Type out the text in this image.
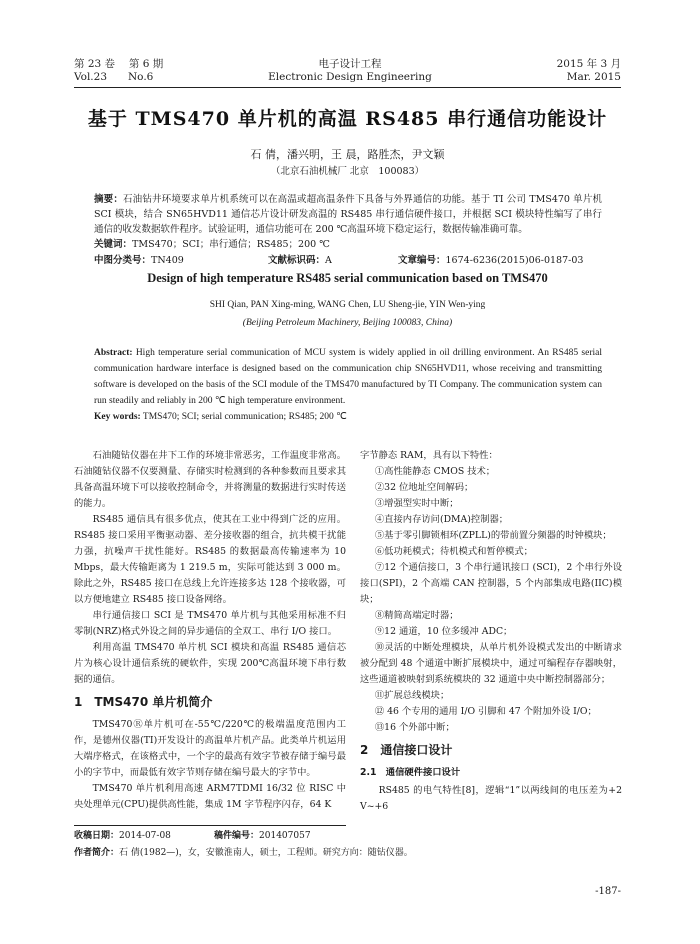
第 23 卷　 第 6 期
Vol.23　　No.6
电子设计工程
Electronic Design Engineering
2015 年 3 月
Mar. 2015
基于 TMS470 单片机的高温 RS485 串行通信功能设计
石 倩，潘兴明，王 晨，路胜杰，尹文颖
（北京石油机械厂 北京　100083）
摘要：石油钻井环境要求单片机系统可以在高温或超高温条件下具备与外界通信的功能。基于 TI 公司 TMS470 单片机 SCI 模块，结合 SN65HVD11 通信芯片设计研发高温的 RS485 串行通信硬件接口，并根据 SCI 模块特性编写了串行通信的收发数据软件程序。试验证明，通信功能可在 200 ℃高温环境下稳定运行，数据传输准确可靠。
关键词：TMS470；SCI；串行通信；RS485；200 ℃
中图分类号：TN409	文献标识码：A	文章编号：1674-6236(2015)06-0187-03
Design of high temperature RS485 serial communication based on TMS470
SHI Qian, PAN Xing-ming, WANG Chen, LU Sheng-jie, YIN Wen-ying
(Beijing Petroleum Machinery, Beijing 100083, China)
Abstract: High temperature serial communication of MCU system is widely applied in oil drilling environment. An RS485 serial communication hardware interface is designed based on the communication chip SN65HVD11, whose receiving and transmitting software is developed on the basis of the SCI module of the TMS470 manufactured by TI Company. The communication system can run steadily and reliably in 200 ℃ high temperature environment.
Key words: TMS470; SCI; serial communication; RS485; 200 ℃

石油随钻仪器在井下工作的环境非常恶劣，工作温度非常高。石油随钻仪器不仅要测量、存储实时检测到的各种参数而且要求其具备高温环境下可以接收控制命令，并将测量的数据进行实时传送的能力。

RS485 通信具有很多优点，使其在工业中得到广泛的应用。RS485 接口采用平衡驱动器、差分接收器的组合，抗共模干扰能力强，抗噪声干扰性能好。RS485 的数据最高传输速率为 10 Mbps，最大传输距离为 1 219.5 m，实际可能达到 3 000 m。除此之外，RS485 接口在总线上允许连接多达 128 个接收器，可以方便地建立 RS485 接口设备网络。

串行通信接口 SCI 是 TMS470 单片机与其他采用标准不归零制(NRZ)格式外设之间的异步通信的全双工、串行 I/O 接口。

利用高温 TMS470 单片机 SCI 模块和高温 RS485 通信芯片为核心设计通信系统的硬软件，实现 200℃高温环境下串行数据的通信。

1　TMS470 单片机简介

TMS470Ⓡ单片机可在-55℃/220℃的极端温度范围内工作，是德州仪器(TI)开发设计的高温单片机产品。此类单片机运用大端序格式，在该格式中，一个字的最高有效字节被存储于编号最小的字节中，而最低有效字节则存储在编号最大的字节中。

TMS470 单片机利用高速 ARM7TDMI 16/32 位 RISC 中央处理单元(CPU)提供高性能，集成 1M 字节程序闪存，64 K

字节静态 RAM，具有以下特性：
①高性能静态 CMOS 技术；
②32 位地址空间解码；
③增强型实时中断；
④直接内存访问(DMA)控制器；
⑤基于零引脚锁相环(ZPLL)的带前置分频器的时钟模块；
⑥低功耗模式；待机模式和暂停模式；
⑦12 个通信接口，3 个串行通讯接口 (SCI)，2 个串行外设接口(SPI)，2 个高端 CAN 控制器，5 个内部集成电路(IIC)模块；
⑧精简高端定时器；
⑨12 通道，10 位多缓冲 ADC；
⑩灵活的中断处理模块，从单片机外设模式发出的中断请求被分配到 48 个通道中断扩展模块中，通过可编程存存器映射，这些通道被映射到系统模块的 32 通道中央中断控制器部分；
⑪扩展总线模块；
⑫ 46 个专用的通用 I/O 引脚和 47 个附加外设 I/O；
⑬16 个外部中断；
2　通信接口设计
2.1　通信硬件接口设计

RS485 的电气特性[8]，逻辑“1”以两线间的电压差为+2 V~+6

收稿日期：2014-07-08	稿件编号：201407057
作者简介：石 倩(1982—)，女，安徽淮南人，硕士，工程师。研究方向：随钻仪器。
-187-
